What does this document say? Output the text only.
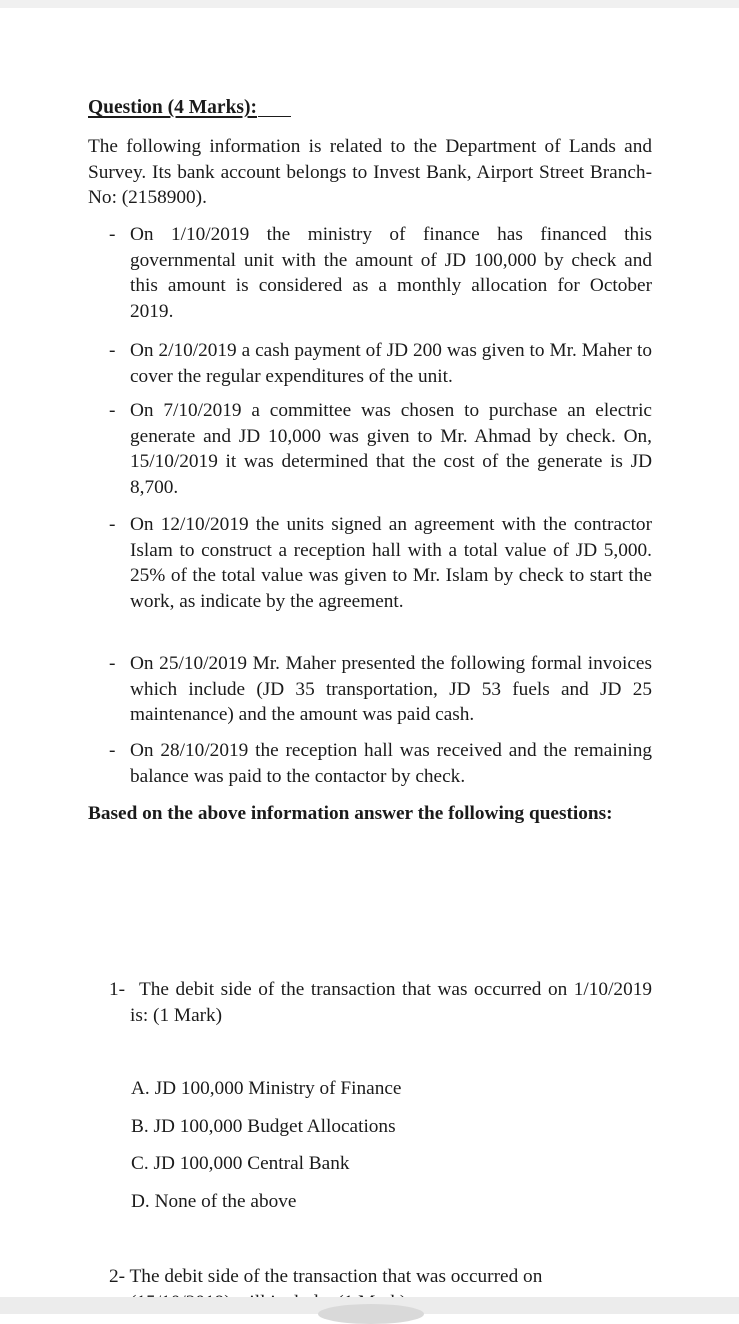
Question (4 Marks):

The following information is related to the Department of Lands and Survey. Its bank account belongs to Invest Bank, Airport Street Branch-No: (2158900).

- On 1/10/2019 the ministry of finance has financed this governmental unit with the amount of JD 100,000 by check and this amount is considered as a monthly allocation for October 2019.
- On 2/10/2019 a cash payment of JD 200 was given to Mr. Maher to cover the regular expenditures of the unit.
- On 7/10/2019 a committee was chosen to purchase an electric generate and JD 10,000 was given to Mr. Ahmad by check. On, 15/10/2019 it was determined that the cost of the generate is JD 8,700.
- On 12/10/2019 the units signed an agreement with the contractor Islam to construct a reception hall with a total value of JD 5,000. 25% of the total value was given to Mr. Islam by check to start the work, as indicate by the agreement.
- On 25/10/2019 Mr. Maher presented the following formal invoices which include (JD 35 transportation, JD 53 fuels and JD 25 maintenance) and the amount was paid cash.
- On 28/10/2019 the reception hall was received and the remaining balance was paid to the contactor by check.

Based on the above information answer the following questions:

1- The debit side of the transaction that was occurred on 1/10/2019 is: (1 Mark)
A. JD 100,000 Ministry of Finance
B. JD 100,000 Budget Allocations
C. JD 100,000 Central Bank
D. None of the above

2- The debit side of the transaction that was occurred on
